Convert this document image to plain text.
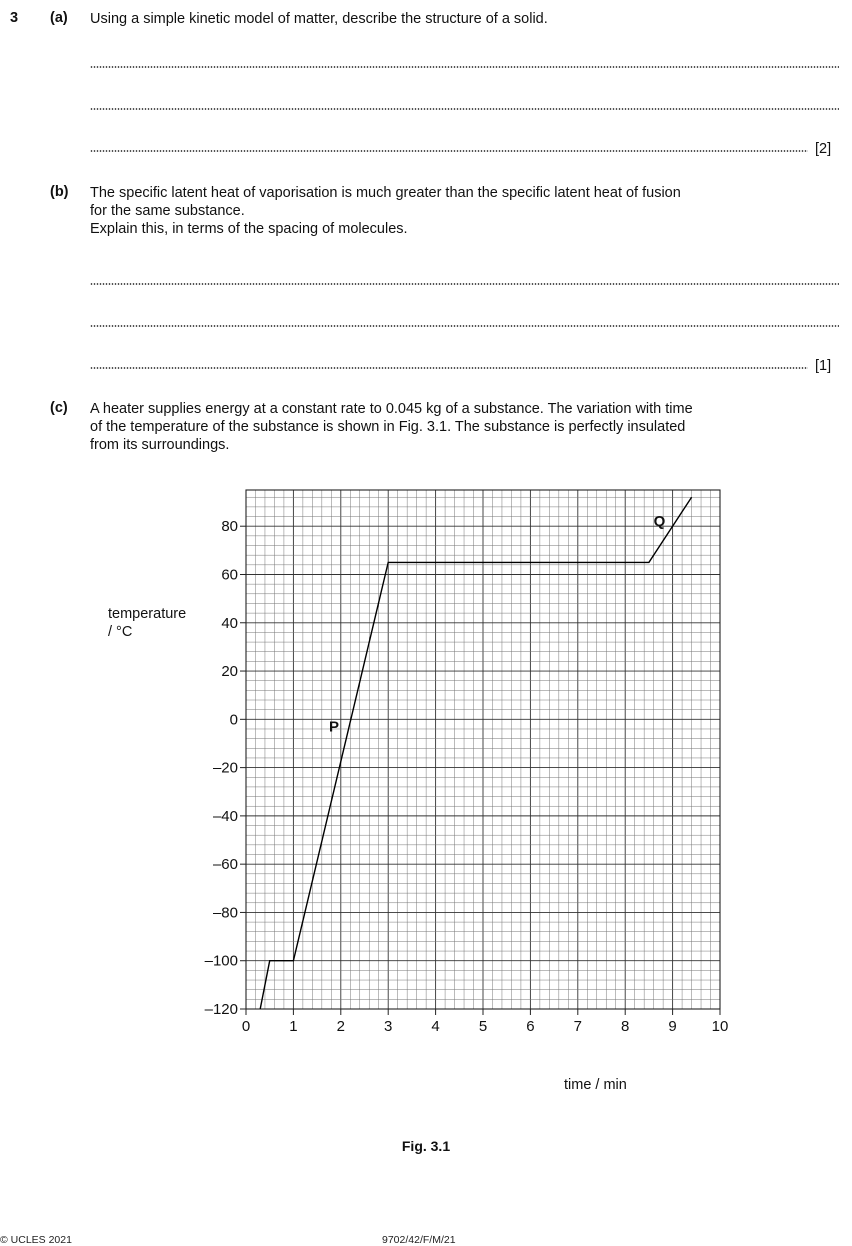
3 (a) Using a simple kinetic model of matter, describe the structure of a solid.
[2]
(b) The specific latent heat of vaporisation is much greater than the specific latent heat of fusion
for the same substance.
Explain this, in terms of the spacing of molecules.
[1]
(c) A heater supplies energy at a constant rate to 0.045 kg of a substance. The variation with time
of the temperature of the substance is shown in Fig. 3.1. The substance is perfectly insulated
from its surroundings.
0	1	2	3	4	5	6	7	8	9 10
80
60
40
20
0
–20
–40
–60
–80
–100
–120
P
Q
temperature
/ °C
time / min
Fig. 3.1
© UCLES 2021	9702/42/F/M/21
